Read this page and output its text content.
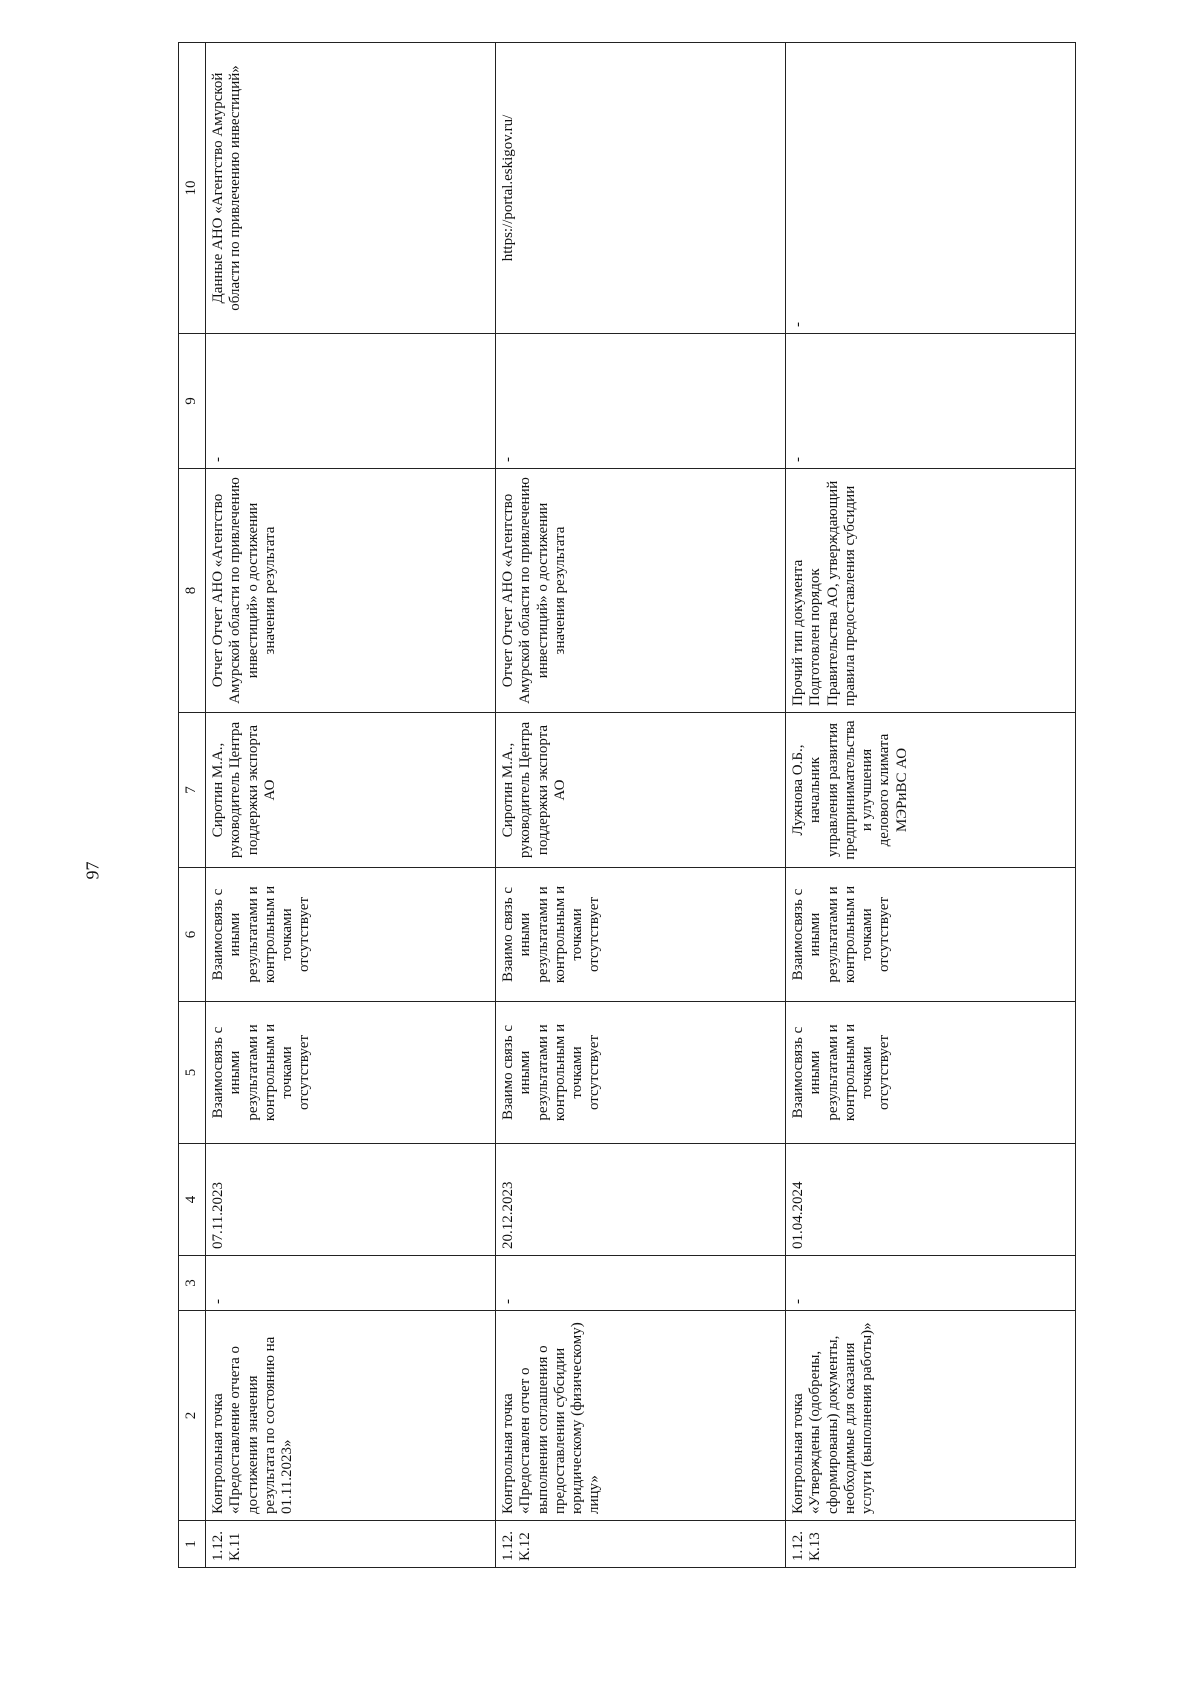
97
1	2	3	4	5	6	7	8	9	10
1.12. К.11	Контрольная точка «Предоставление отчета о достижении значения результата по состоянию на 01.11.2023»	-	07.11.2023	Взаимосвязь с иными результатами и контрольным и точками отсутствует	Взаимосвязь с иными результатами и контрольным и точками отсутствует	Сиротин М.А., руководитель Центра поддержки экспорта АО	Отчет Отчет АНО «Агентство Амурской области по привлечению инвестиций» о достижении значения результата	-	Данные АНО «Агентство Амурской области по привлечению инвестиций»
1.12. К.12	Контрольная точка «Предоставлен отчет о выполнении соглашения о предоставлении субсидии юридическому (физическому) лицу»	-	20.12.2023	Взаимо связь с иными результатами и контрольным и точками отсутствует	Взаимо связь с иными результатами и контрольным и точками отсутствует	Сиротин М.А., руководитель Центра поддержки экспорта АО	Отчет Отчет АНО «Агентство Амурской области по привлечению инвестиций» о достижении значения результата	-	https://portal.eskigov.ru/
1.12. К.13	Контрольная точка «Утверждены (одобрены, сформированы) документы, необходимые для оказания услуги (выполнения работы)»	-	01.04.2024	Взаимосвязь с иными результатами и контрольным и точками отсутствует	Взаимосвязь с иными результатами и контрольным и точками отсутствует	Лужнова О.Б., начальник управления развития предпринимательства и улучшения делового климата МЭРиВС АО	Прочий тип документа Подготовлен порядок Правительства АО, утверждающий правила предоставления субсидии	-	-
